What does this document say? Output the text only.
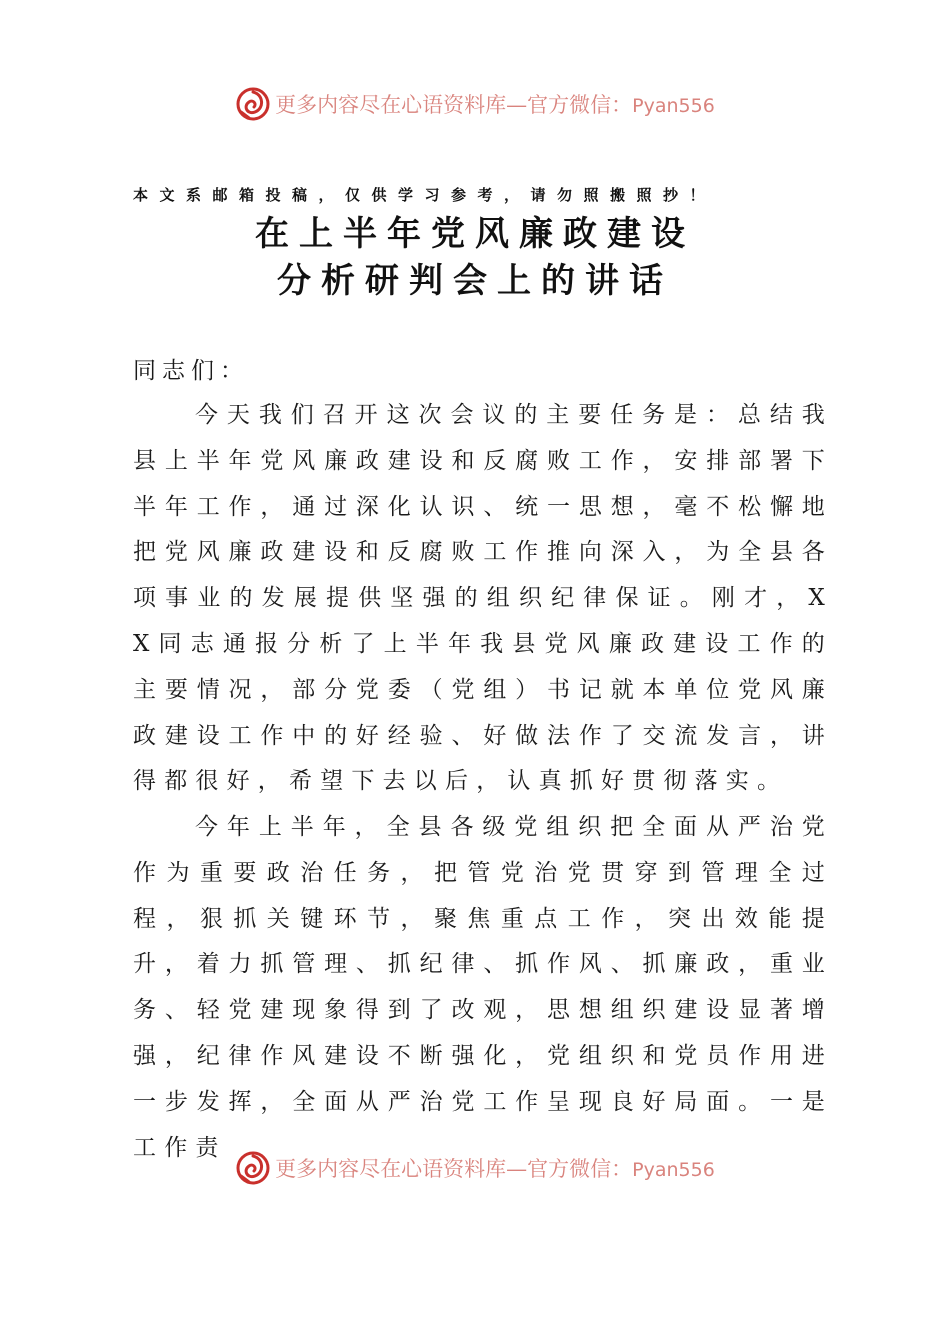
更多内容尽在心语资料库—官方微信：Pyan556
本文系邮箱投稿，仅供学习参考，请勿照搬照抄！
在上半年党风廉政建设
分析研判会上的讲话
同志们：
今天我们召开这次会议的主要任务是：总结我县上半年党风廉政建设和反腐败工作，安排部署下半年工作，通过深化认识、统一思想，毫不松懈地把党风廉政建设和反腐败工作推向深入，为全县各项事业的发展提供坚强的组织纪律保证。刚才，XX同志通报分析了上半年我县党风廉政建设工作的主要情况，部分党委（党组）书记就本单位党风廉政建设工作中的好经验、好做法作了交流发言，讲得都很好，希望下去以后，认真抓好贯彻落实。
今年上半年，全县各级党组织把全面从严治党作为重要政治任务，把管党治党贯穿到管理全过程，狠抓关键环节，聚焦重点工作，突出效能提升，着力抓管理、抓纪律、抓作风、抓廉政，重业务、轻党建现象得到了改观，思想组织建设显著增强，纪律作风建设不断强化，党组织和党员作用进一步发挥，全面从严治党工作呈现良好局面。一是工作责
更多内容尽在心语资料库—官方微信：Pyan556
